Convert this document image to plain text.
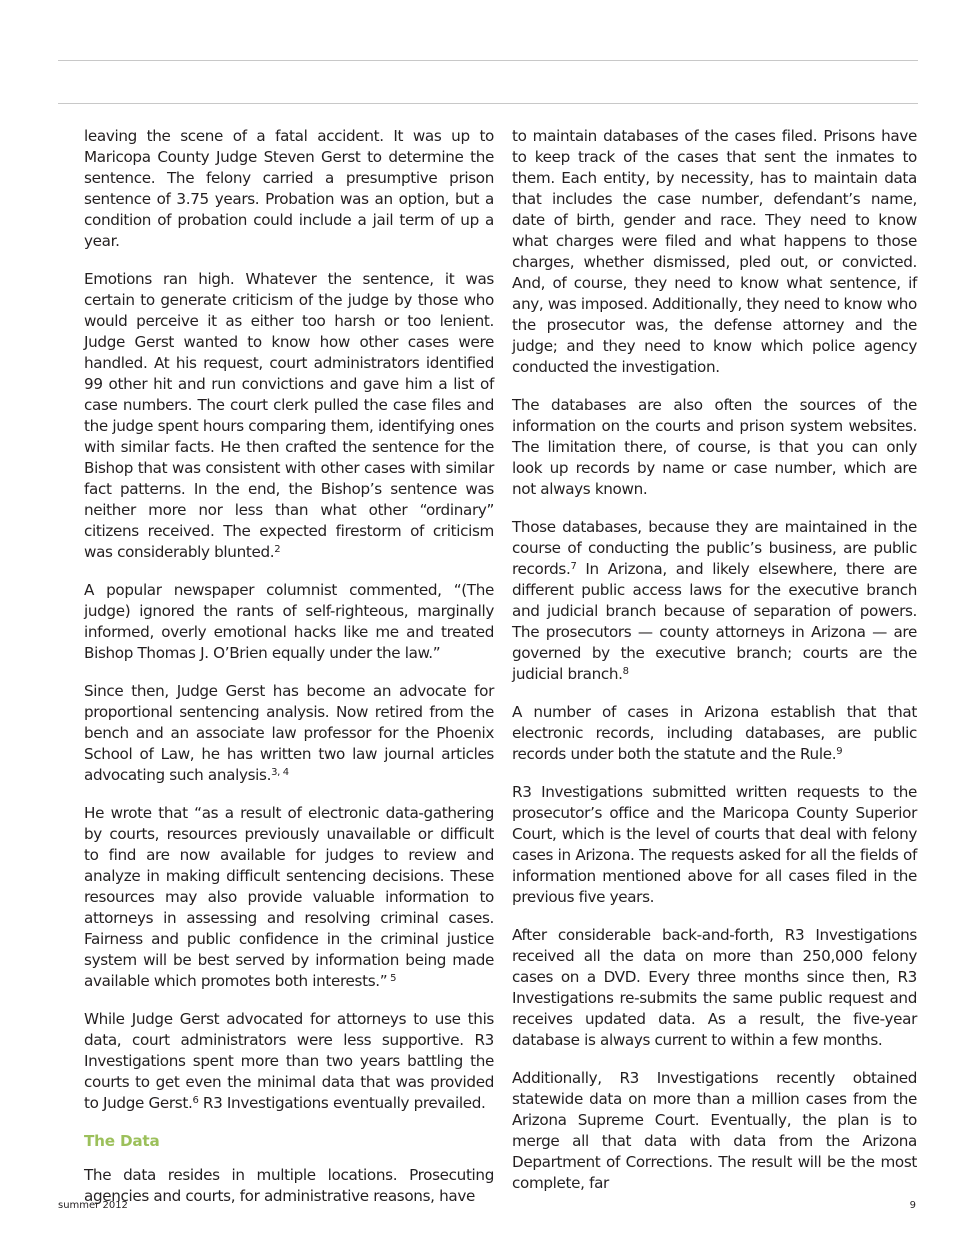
leaving the scene of a fatal accident. It was up to Maricopa County Judge Steven Gerst to determine the sentence. The felony carried a presumptive prison sentence of 3.75 years. Probation was an option, but a condition of probation could include a jail term of up a year.

Emotions ran high. Whatever the sentence, it was certain to generate criticism of the judge by those who would perceive it as either too harsh or too lenient. Judge Gerst wanted to know how other cases were handled. At his request, court administrators identified 99 other hit and run convictions and gave him a list of case numbers. The court clerk pulled the case files and the judge spent hours comparing them, identifying ones with similar facts. He then crafted the sentence for the Bishop that was consistent with other cases with similar fact patterns. In the end, the Bishop’s sentence was neither more nor less than what other “ordinary” citizens received. The expected firestorm of criticism was considerably blunted.$^2$

A popular newspaper columnist commented, “(The judge) ignored the rants of self-righteous, marginally informed, overly emotional hacks like me and treated Bishop Thomas J. O’Brien equally under the law.”

Since then, Judge Gerst has become an advocate for proportional sentencing analysis. Now retired from the bench and an associate law professor for the Phoenix School of Law, he has written two law journal articles advocating such analysis.$^{3, 4}$

He wrote that “as a result of electronic data-gathering by courts, resources previously unavailable or difficult to find are now available for judges to review and analyze in making difficult sentencing decisions. These resources may also provide valuable information to attorneys in assessing and resolving criminal cases. Fairness and public confidence in the criminal justice system will be best served by information being made available which promotes both interests.” $^5$

While Judge Gerst advocated for attorneys to use this data, court administrators were less supportive. R3 Investigations spent more than two years battling the courts to get even the minimal data that was provided to Judge Gerst.$^6$ R3 Investigations eventually prevailed.

The Data

The data resides in multiple locations. Prosecuting agencies and courts, for administrative reasons, have

to maintain databases of the cases filed. Prisons have to keep track of the cases that sent the inmates to them. Each entity, by necessity, has to maintain data that includes the case number, defendant’s name, date of birth, gender and race. They need to know what charges were filed and what happens to those charges, whether dismissed, pled out, or convicted. And, of course, they need to know what sentence, if any, was imposed. Additionally, they need to know who the prosecutor was, the defense attorney and the judge; and they need to know which police agency conducted the investigation.

The databases are also often the sources of the information on the courts and prison system websites. The limitation there, of course, is that you can only look up records by name or case number, which are not always known.

Those databases, because they are maintained in the course of conducting the public’s business, are public records.$^7$ In Arizona, and likely elsewhere, there are different public access laws for the executive branch and judicial branch because of separation of powers. The prosecutors — county attorneys in Arizona — are governed by the executive branch; courts are the judicial branch.$^8$

A number of cases in Arizona establish that that electronic records, including databases, are public records under both the statute and the Rule.$^9$

R3 Investigations submitted written requests to the prosecutor’s office and the Maricopa County Superior Court, which is the level of courts that deal with felony cases in Arizona. The requests asked for all the fields of information mentioned above for all cases filed in the previous five years.

After considerable back-and-forth, R3 Investigations received all the data on more than 250,000 felony cases on a DVD. Every three months since then, R3 Investigations re-submits the same public request and receives updated data. As a result, the five-year database is always current to within a few months.

Additionally, R3 Investigations recently obtained statewide data on more than a million cases from the Arizona Supreme Court. Eventually, the plan is to merge all that data with data from the Arizona Department of Corrections. The result will be the most complete, far

summer 2012	9
